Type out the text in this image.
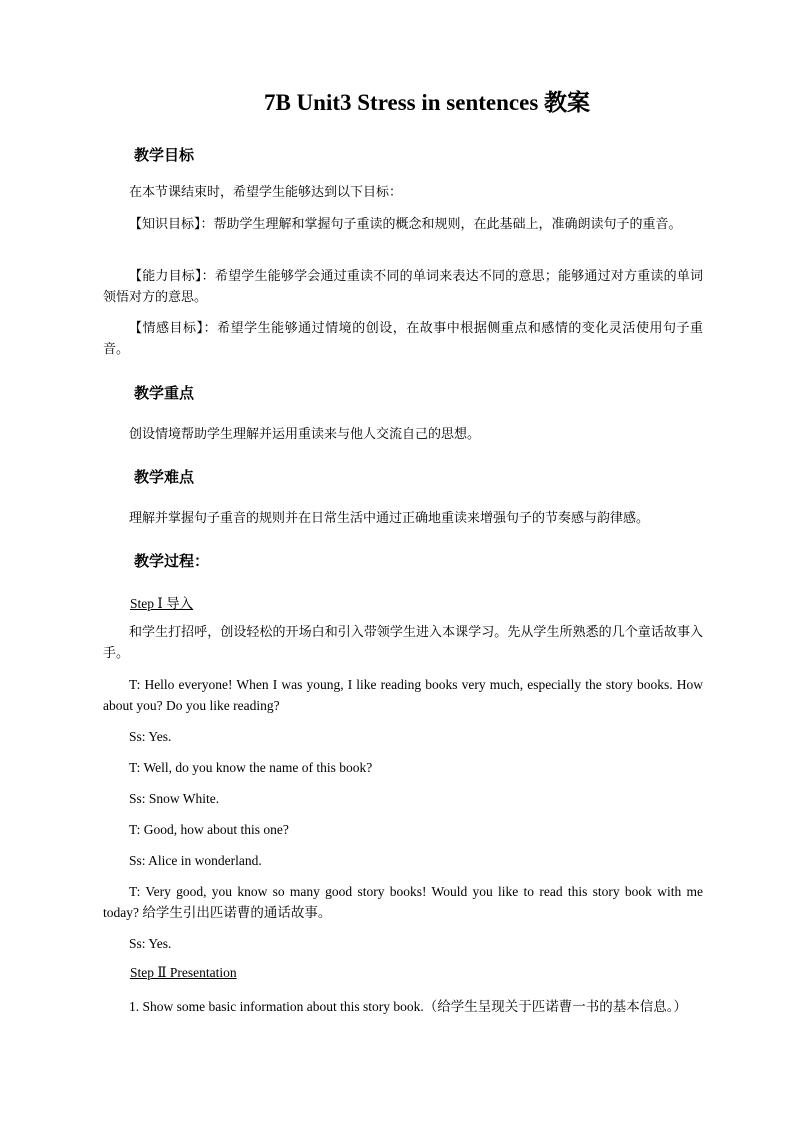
7B Unit3 Stress in sentences 教案
教学目标
在本节课结束时，希望学生能够达到以下目标：
【知识目标】：帮助学生理解和掌握句子重读的概念和规则，在此基础上，准确朗读句子的重音。
【能力目标】：希望学生能够学会通过重读不同的单词来表达不同的意思；能够通过对方重读的单词领悟对方的意思。
【情感目标】：希望学生能够通过情境的创设，在故事中根据侧重点和感情的变化灵活使用句子重音。
教学重点
创设情境帮助学生理解并运用重读来与他人交流自己的思想。
教学难点
理解并掌握句子重音的规则并在日常生活中通过正确地重读来增强句子的节奏感与韵律感。
教学过程：
Step Ⅰ 导入
和学生打招呼，创设轻松的开场白和引入带领学生进入本课学习。先从学生所熟悉的几个童话故事入手。
T: Hello everyone! When I was young, I like reading books very much, especially the story books. How about you? Do you like reading?
Ss: Yes.
T: Well, do you know the name of this book?
Ss: Snow White.
T: Good, how about this one?
Ss: Alice in wonderland.
T: Very good, you know so many good story books! Would you like to read this story book with me today? 给学生引出匹诺曹的通话故事。
Ss: Yes.
Step Ⅱ Presentation
1. Show some basic information about this story book.（给学生呈现关于匹诺曹一书的基本信息。）
